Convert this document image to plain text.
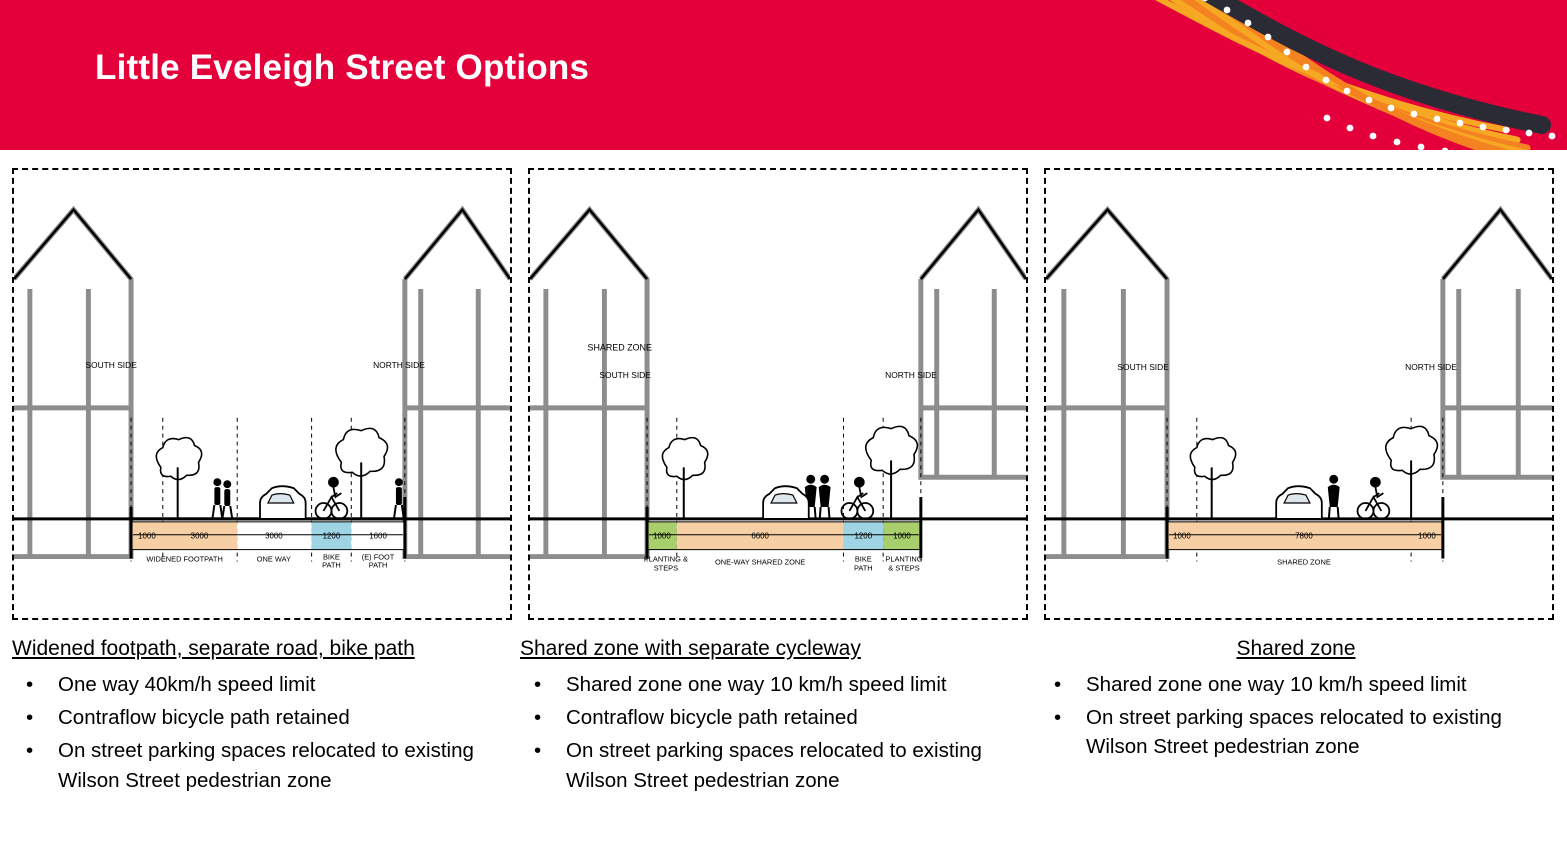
Little Eveleigh Street Options
SOUTH SIDE	NORTH SIDE
1000	3000	3000	1200	1600
WIDENED FOOTPATH	ONE WAY	BIKE
PATH
(E) FOOT
PATH
SHARED ZONE
SOUTH SIDE	NORTH SIDE
1000	6600	1200	1000
PLANTING &
STEPS
ONE-WAY SHARED ZONE	BIKE
PATH
PLANTING
& STEPS
SOUTH SIDE	NORTH SIDE
1000	7800	1000
SHARED ZONE
Widened footpath, separate road, bike path
• One way 40km/h speed limit
• Contraflow bicycle path retained
• On street parking spaces relocated to existing Wilson Street pedestrian zone
Shared zone with separate cycleway
• Shared zone one way 10 km/h speed limit
• Contraflow bicycle path retained
• On street parking spaces relocated to existing Wilson Street pedestrian zone
Shared zone
• Shared zone one way 10 km/h speed limit
• On street parking spaces relocated to existing Wilson Street pedestrian zone
